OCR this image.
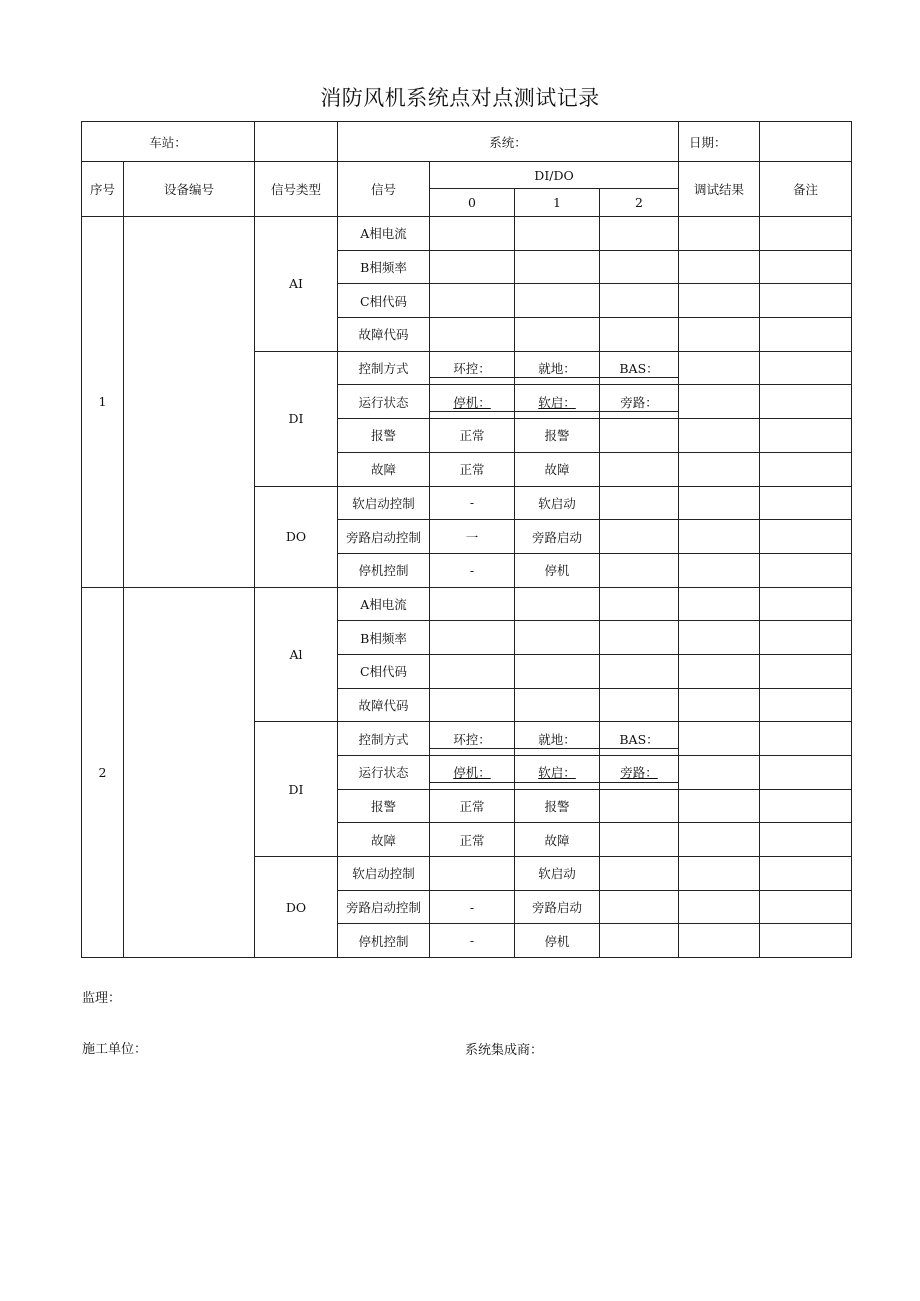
消防风机系统点对点测试记录
车站：			系统：				日期：	
序号	设备编号	信号类型	信号	DI/DO			调试结果	备注
				0	1	2		
1		AI	A相电流					
			B相频率					
			C相代码					
			故障代码					
		DI	控制方式	环控：	就地：	BAS：		
			运行状态	停机：	软启：	旁路：		
			报警	正常	报警			
			故障	正常	故障			
		DO	软启动控制	-	软启动			
			旁路启动控制	一	旁路启动			
			停机控制	-	停机			
2		Al	A相电流					
			B相频率					
			C相代码					
			故障代码					
		DI	控制方式	环控：	就地：	BAS：		
			运行状态	停机：	软启：	旁路：		
			报警	正常	报警			
			故障	正常	故障			
		DO	软启动控制		软启动			
			旁路启动控制	-	旁路启动			
			停机控制	-	停机			
监理：
施工单位：	系统集成商：
